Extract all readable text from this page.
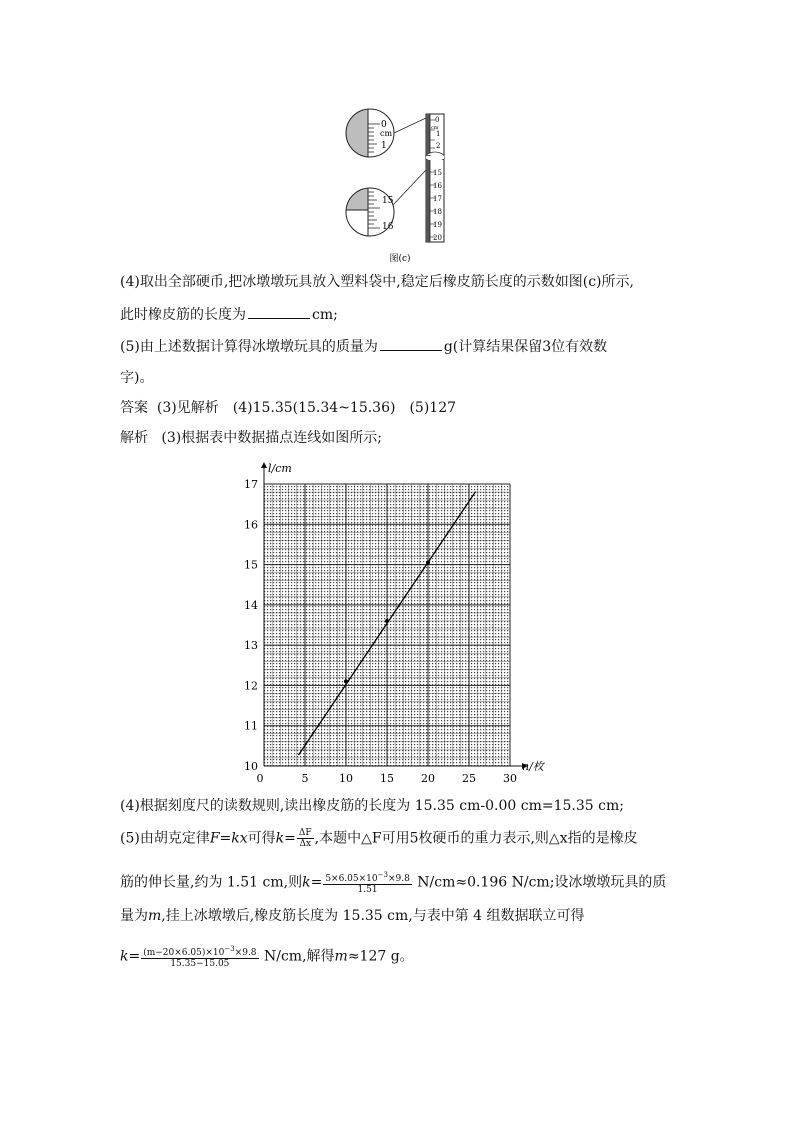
0
cm
1
15
16
0
cm
1
2
15
16
17
18
19
20
图(c)
(4)取出全部硬币,把冰墩墩玩具放入塑料袋中,稳定后橡皮筋长度的示数如图(c)所示,
此时橡皮筋的长度为	cm;
(5)由上述数据计算得冰墩墩玩具的质量为	g(计算结果保留3位有效数
字)。
答案 (3)见解析　(4)15.35(15.34~15.36)　(5)127
解析 (3)根据表中数据描点连线如图所示;
n/枚
l/cm
5	10 15 20 25 30
0
10
11
12
13
14
15
16
17
(4)根据刻度尺的读数规则,读出橡皮筋的长度为 15.35 cm-0.00 cm=15.35 cm;
(5)由胡克定律F=kx可得$k= \frac{\Delta F}{\Delta x}$ ,本题中△F可用5枚硬币的重力表示,则△x指的是橡皮
筋的伸长量,约为 1.51 cm,则$k= \frac{5\times 6.05\times 10^{-3}\times 9.8}{1.51} N/cm\approx 0.196$ N/cm;设冰墩墩玩具的质
量为m,挂上冰墩墩后,橡皮筋长度为 15.35 cm,与表中第 4 组数据联立可得
$k= \frac{(m-20\times 6.05)\times 10^{-3}\times 9.8}{15.35-15.05} N/cm$,解得m≈127 g。
